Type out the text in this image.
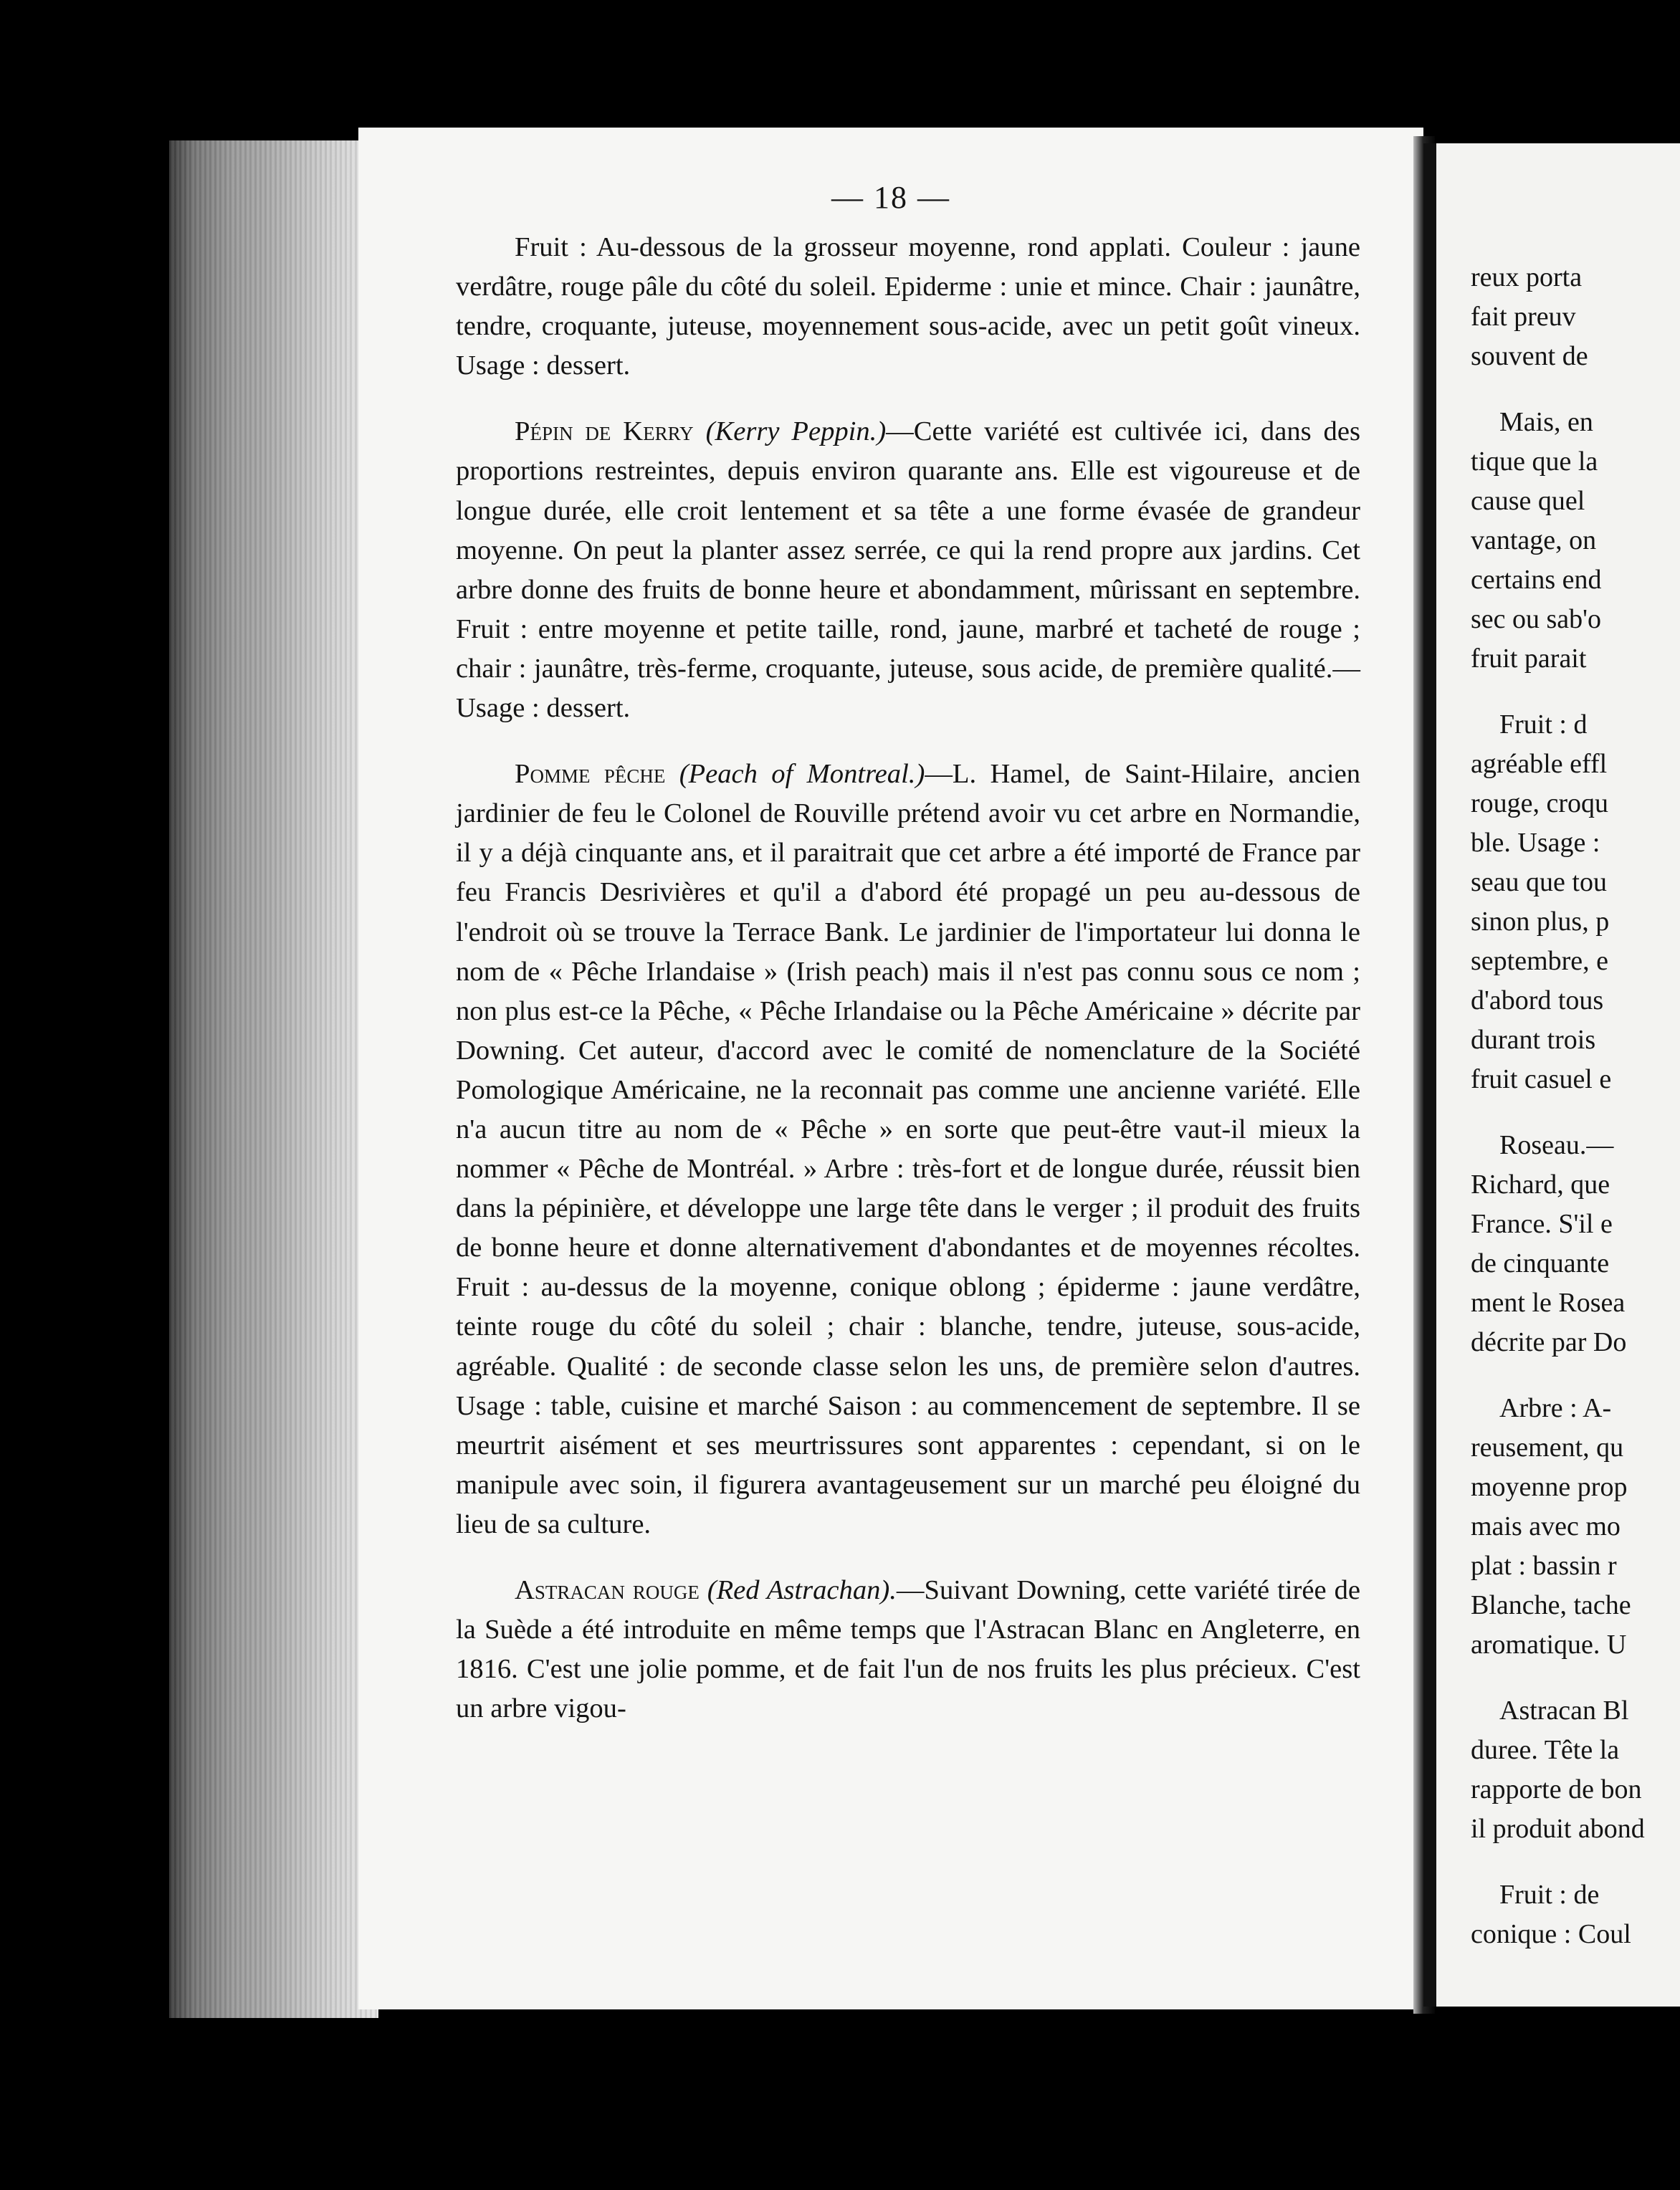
— 18 —

Fruit : Au-dessous de la grosseur moyenne, rond applati. Couleur : jaune verdâtre, rouge pâle du côté du soleil. Epiderme : unie et mince. Chair : jaunâtre, tendre, croquante, juteuse, moyennement sous-acide, avec un petit goût vineux. Usage : dessert.

Pépin de Kerry (Kerry Peppin.)—Cette variété est cultivée ici, dans des proportions restreintes, depuis environ quarante ans. Elle est vigoureuse et de longue durée, elle croit lentement et sa tête a une forme évasée de grandeur moyenne. On peut la planter assez serrée, ce qui la rend propre aux jardins. Cet arbre donne des fruits de bonne heure et abondamment, mûrissant en septembre. Fruit : entre moyenne et petite taille, rond, jaune, marbré et tacheté de rouge ; chair : jaunâtre, très-ferme, croquante, juteuse, sous acide, de première qualité.—Usage : dessert.

Pomme pêche (Peach of Montreal.)—L. Hamel, de Saint-Hilaire, ancien jardinier de feu le Colonel de Rouville prétend avoir vu cet arbre en Normandie, il y a déjà cinquante ans, et il paraitrait que cet arbre a été importé de France par feu Francis Desrivières et qu'il a d'abord été propagé un peu au-dessous de l'endroit où se trouve la Terrace Bank. Le jardinier de l'importateur lui donna le nom de « Pêche Irlandaise » (Irish peach) mais il n'est pas connu sous ce nom ; non plus est-ce la Pêche, « Pêche Irlandaise ou la Pêche Américaine » décrite par Downing. Cet auteur, d'accord avec le comité de nomenclature de la Société Pomologique Américaine, ne la reconnait pas comme une ancienne variété. Elle n'a aucun titre au nom de « Pêche » en sorte que peut-être vaut-il mieux la nommer « Pêche de Montréal. » Arbre : très-fort et de longue durée, réussit bien dans la pépinière, et développe une large tête dans le verger ; il produit des fruits de bonne heure et donne alternativement d'abondantes et de moyennes récoltes. Fruit : au-dessus de la moyenne, conique oblong ; épiderme : jaune verdâtre, teinte rouge du côté du soleil ; chair : blanche, tendre, juteuse, sous-acide, agréable. Qualité : de seconde classe selon les uns, de première selon d'autres. Usage : table, cuisine et marché Saison : au commencement de septembre. Il se meurtrit aisément et ses meurtrissures sont apparentes : cependant, si on le manipule avec soin, il figurera avantageusement sur un marché peu éloigné du lieu de sa culture.

Astracan rouge (Red Astrachan).—Suivant Downing, cette variété tirée de la Suède a été introduite en même temps que l'Astracan Blanc en Angleterre, en 1816. C'est une jolie pomme, et de fait l'un de nos fruits les plus précieux. C'est un arbre vigou-

reux porta
fait preuv
souvent de
Mais, en
tique que la
cause quel
vantage, on
certains end
sec ou sab'o
fruit parait
Fruit : d
agréable effl
rouge, croqu
ble. Usage :
seau que tou
sinon plus, p
septembre, e
d'abord tous
durant trois
fruit casuel e
Roseau.—
Richard, que
France. S'il e
de cinquante
ment le Rosea
décrite par Do
Arbre : A-
reusement, qu
moyenne prop
mais avec mo
plat : bassin r
Blanche, tache
aromatique. U
Astracan Bl
duree. Tête la
rapporte de bon
il produit abond
Fruit : de
conique : Coul
